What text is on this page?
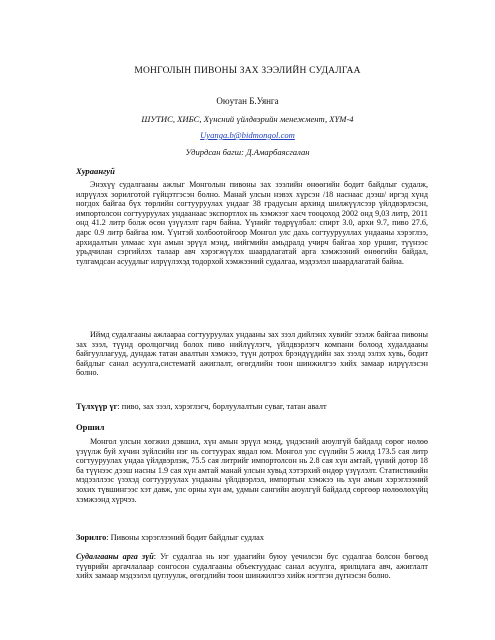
МОНГОЛЫН ПИВОНЫ ЗАХ ЗЭЭЛИЙН СУДАЛГАА

Оюутан Б.Уянга

ШУТИС, ХИБС, Хүнсний үйлдвэрийн менежмент, ХҮМ-4

Uyanga.b@bidmongol.com

Удирдсан багш: Д.Амарбаясгалан

Хураангуй

Энэхүү судалгааны ажлыг Монголын пивоны зах зээлийн өнөөгийн бодит байдлыг судалж, илрүүлэх зорилготой гүйцэтгэсэн болно. Манай улсын нэвэх хүрсэн /18 наснаас дээш/ иргэд хүнд ногдох байгаа бүх төрлийн согтууруулах ундааг 38 градусын архинд шилжүүлсээр үйлдвэрлэсэн, импортолсон согтууруулах ундаанаас экспортлох нь хэмжээг хасч тооцоход 2002 онд 9,03 литр, 2011 онд 41.2 литр болж өсөн үзүүлэлт гарч байна. Үүнийг төдрүүлбал: спирт 3.0, архи 9.7, пиво 27.6, дарс 0.9 литр байгаа юм. Үүнтэй холбоотойгоор Монгол улс дахь согтуурууллах ундааны хэрэглээ, архидалтын улмаас хүн амын эрүүл мэнд, нийгмийн амьдралд учирч байгаа хор уршиг, түүнээс урьдчилан сэргийлэх талаар авч хэрэгжүүлэх шаардлагатай арга хэмжээний өнөөгийн байдал, тулгамдсан асуудлыг илрүүлэхэд тодорхой хэмжээний судалгаа, мэдээлэл шаардлагатай байна.

Иймд судалгааны ажлаараа согтууруулах ундааны зах зээл дийлэнх хувийг эзэлж байгаа пивоны зах зээл, түүнд оролцогчид болох пиво нийлүүлэгч, үйлдвэрлэгч компани болоод худалдааны байгууллагууд, дундаж татан авалтын хэмжээ, түүн дотроx брэндүүдийн зах зээлд эзлэх хувь, бодит байдлыг санал асуулга,систематй ажиглалт, өгөгдлийн тоон шинжилгээ хийх замаар илрүүлэсэн болно.

Түлхүүр үг: пиво, зах зээл, хэрэглэгч, борлуулалтын суваг, татан авалт

Оршил

Монгол улсын хөгжил дэвшил, хүн амын эрүүл мэнд, үндэсний аюулгүй байдалд сөрөг нөлөө үзүүлж буй хүчин зүйлсийн нэг нь согтуурах явдал юм. Монгол улс сүүлийн 5 жилд 173.5 сая литр согтууруулах ундаа үйлдвэрлэж, 75.5 сая литрийг импортолсон нь 2.8 сая хүн амтай, үүний дотор 18 ба түүнээс дээш насны 1.9 сая хүн амтай манай улсын хувьд хэтэрхий өндөр үзүүлэлт. Статистикийн мэдээллээс үзэхэд согтууруулах ундааны үйлдвэрлэл, импортын хэмжээ нь хүн амын хэрэглээний зохих түвшингээс хэт давж, улс орны хүн ам, удмын сангийн аюулгүй байдалд сөргөөр нөлөөлөхүйц хэмжээнд хүрчээ.

Зорилго: Пивоны хэрэглээний бодит байдлыг судлах

Судалгааны арга зүй: Уг судалгаа нь нэг удаагийн буюу үечилсэн бус судалгаа болсон бөгөөд түүврийн аргачлалаар сонгосон судалгааны объектуудаас санал асуулга, ярилцлага авч, ажиглалт хийх замаар мэдээлэл цуглуулж, өгөгдлийн тоон шинжилгээ хийж нэгтгэн дүгнэсэн болно.
